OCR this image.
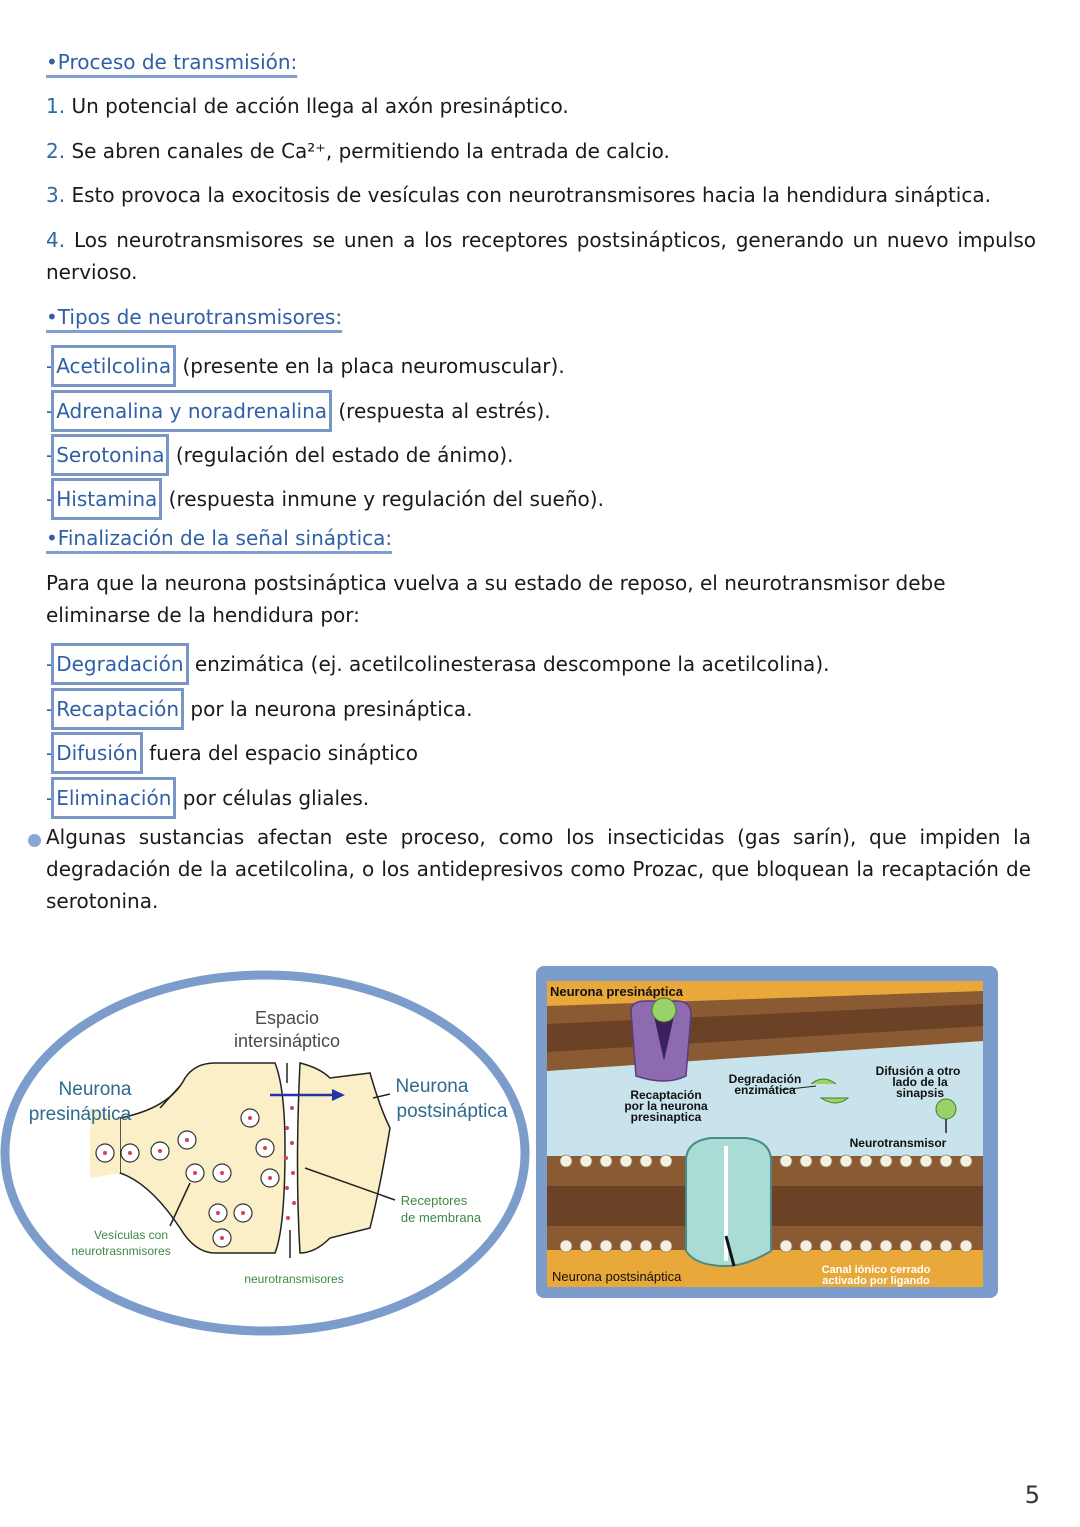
•Proceso de transmisión:
1. Un potencial de acción llega al axón presináptico.
2. Se abren canales de Ca²⁺, permitiendo la entrada de calcio.
3. Esto provoca la exocitosis de vesículas con neurotransmisores hacia la hendidura sináptica.
4. Los neurotransmisores se unen a los receptores postsinápticos, generando un nuevo impulso nervioso.
•Tipos de neurotransmisores:
- Acetilcolina (presente en la placa neuromuscular).
- Adrenalina y noradrenalina (respuesta al estrés).
- Serotonina (regulación del estado de ánimo).
- Histamina (respuesta inmune y regulación del sueño).
•Finalización de la señal sináptica:
Para que la neurona postsináptica vuelva a su estado de reposo, el neurotransmisor debe eliminarse de la hendidura por:
- Degradación enzimática (ej. acetilcolinesterasa descompone la acetilcolina).
- Recaptación por la neurona presináptica.
- Difusión fuera del espacio sináptico
- Eliminación por células gliales.
Algunas sustancias afectan este proceso, como los insecticidas (gas sarín), que impiden la degradación de la acetilcolina, o los antidepresivos como Prozac, que bloquean la recaptación de serotonina.
Espacio
intersináptico
Neurona
presináptica
Neurona
postsináptica
Receptores
de membrana
Vesículas con
neurotrasnmisores
neurotransmisores
Neurona presináptica
Recaptación
por la neurona
presinaptica
Degradación
enzimática
Difusión a otro
lado de la
sinapsis
Neurotransmisor
Neurona postsináptica	Canal iónico cerrado
activado por ligando
5
